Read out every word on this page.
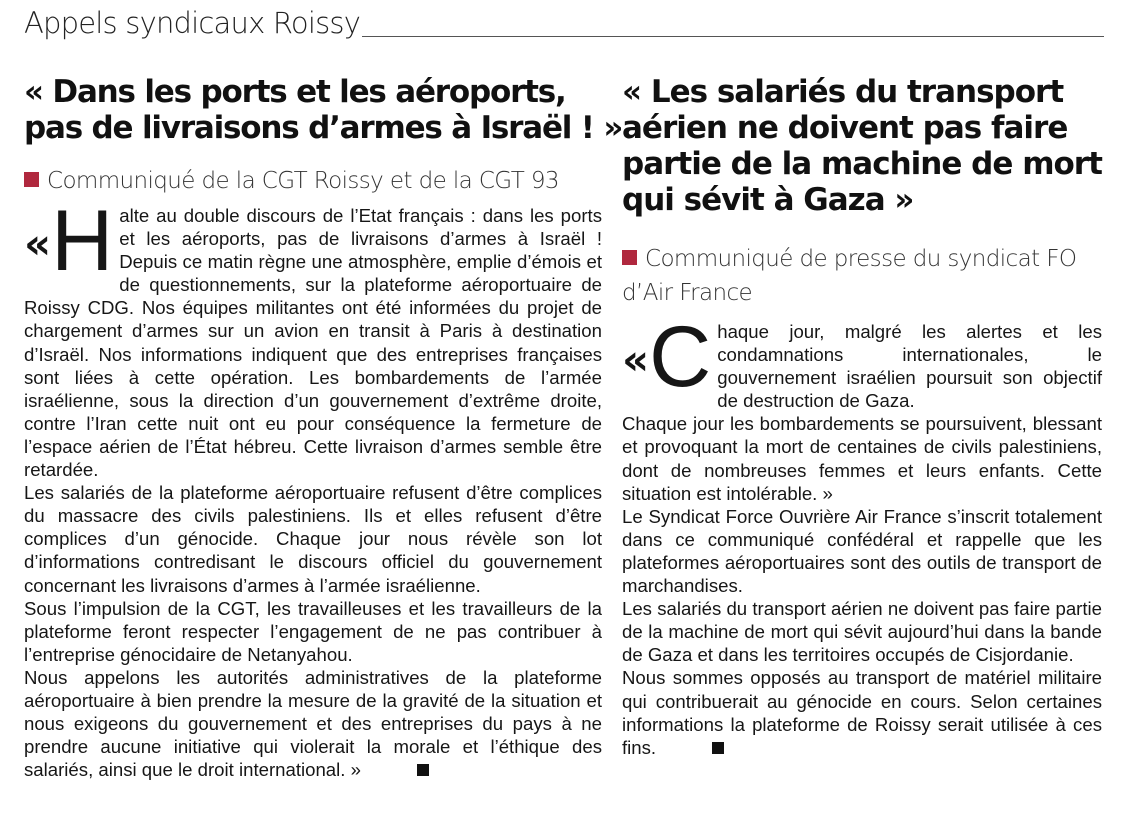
Appels syndicaux Roissy
« Dans les ports et les aéroports,
pas de livraisons d’armes à Israël ! »
Communiqué de la CGT Roissy et de la CGT 93

«H alte au double discours de l’Etat français : dans les ports et les aéroports, pas de livraisons d’armes à Israël ! Depuis ce matin règne une atmosphère, emplie d’émois et de questionnements, sur la plateforme aéroportuaire de Roissy CDG. Nos équipes militantes ont été informées du projet de chargement d’armes sur un avion en transit à Paris à destination d’Israël. Nos informations indiquent que des entreprises françaises sont liées à cette opération. Les bombardements de l’armée israélienne, sous la direction d’un gouvernement d’extrême droite, contre l’Iran cette nuit ont eu pour conséquence la fermeture de l’espace aérien de l’État hébreu. Cette livraison d’armes semble être retardée.

Les salariés de la plateforme aéroportuaire refusent d’être complices du massacre des civils palestiniens. Ils et elles refusent d’être complices d’un génocide. Chaque jour nous révèle son lot d’informations contredisant le discours officiel du gouvernement concernant les livraisons d’armes à l’armée israélienne.

Sous l’impulsion de la CGT, les travailleuses et les travailleurs de la plateforme feront respecter l’engagement de ne pas contribuer à l’entreprise génocidaire de Netanyahou.

Nous appelons les autorités administratives de la plateforme aéroportuaire à bien prendre la mesure de la gravité de la situation et nous exigeons du gouvernement et des entreprises du pays à ne prendre aucune initiative qui violerait la morale et l’éthique des salariés, ainsi que le droit international. »

« Les salariés du transport
aérien ne doivent pas faire
partie de la machine de mort
qui sévit à Gaza »
Communiqué de presse du syndicat FO d’Air France

«C haque jour, malgré les alertes et les condamnations internationales, le gouvernement israélien poursuit son objectif de destruction de Gaza.

Chaque jour les bombardements se poursuivent, blessant et provoquant la mort de centaines de civils palestiniens, dont de nombreuses femmes et leurs enfants. Cette situation est intolérable. »

Le Syndicat Force Ouvrière Air France s’inscrit totalement dans ce communiqué confédéral et rappelle que les plateformes aéroportuaires sont des outils de transport de marchandises.

Les salariés du transport aérien ne doivent pas faire partie de la machine de mort qui sévit aujourd’hui dans la bande de Gaza et dans les territoires occupés de Cisjordanie.

Nous sommes opposés au transport de matériel militaire qui contribuerait au génocide en cours. Selon certaines informations la plateforme de Roissy serait utilisée à ces fins.
